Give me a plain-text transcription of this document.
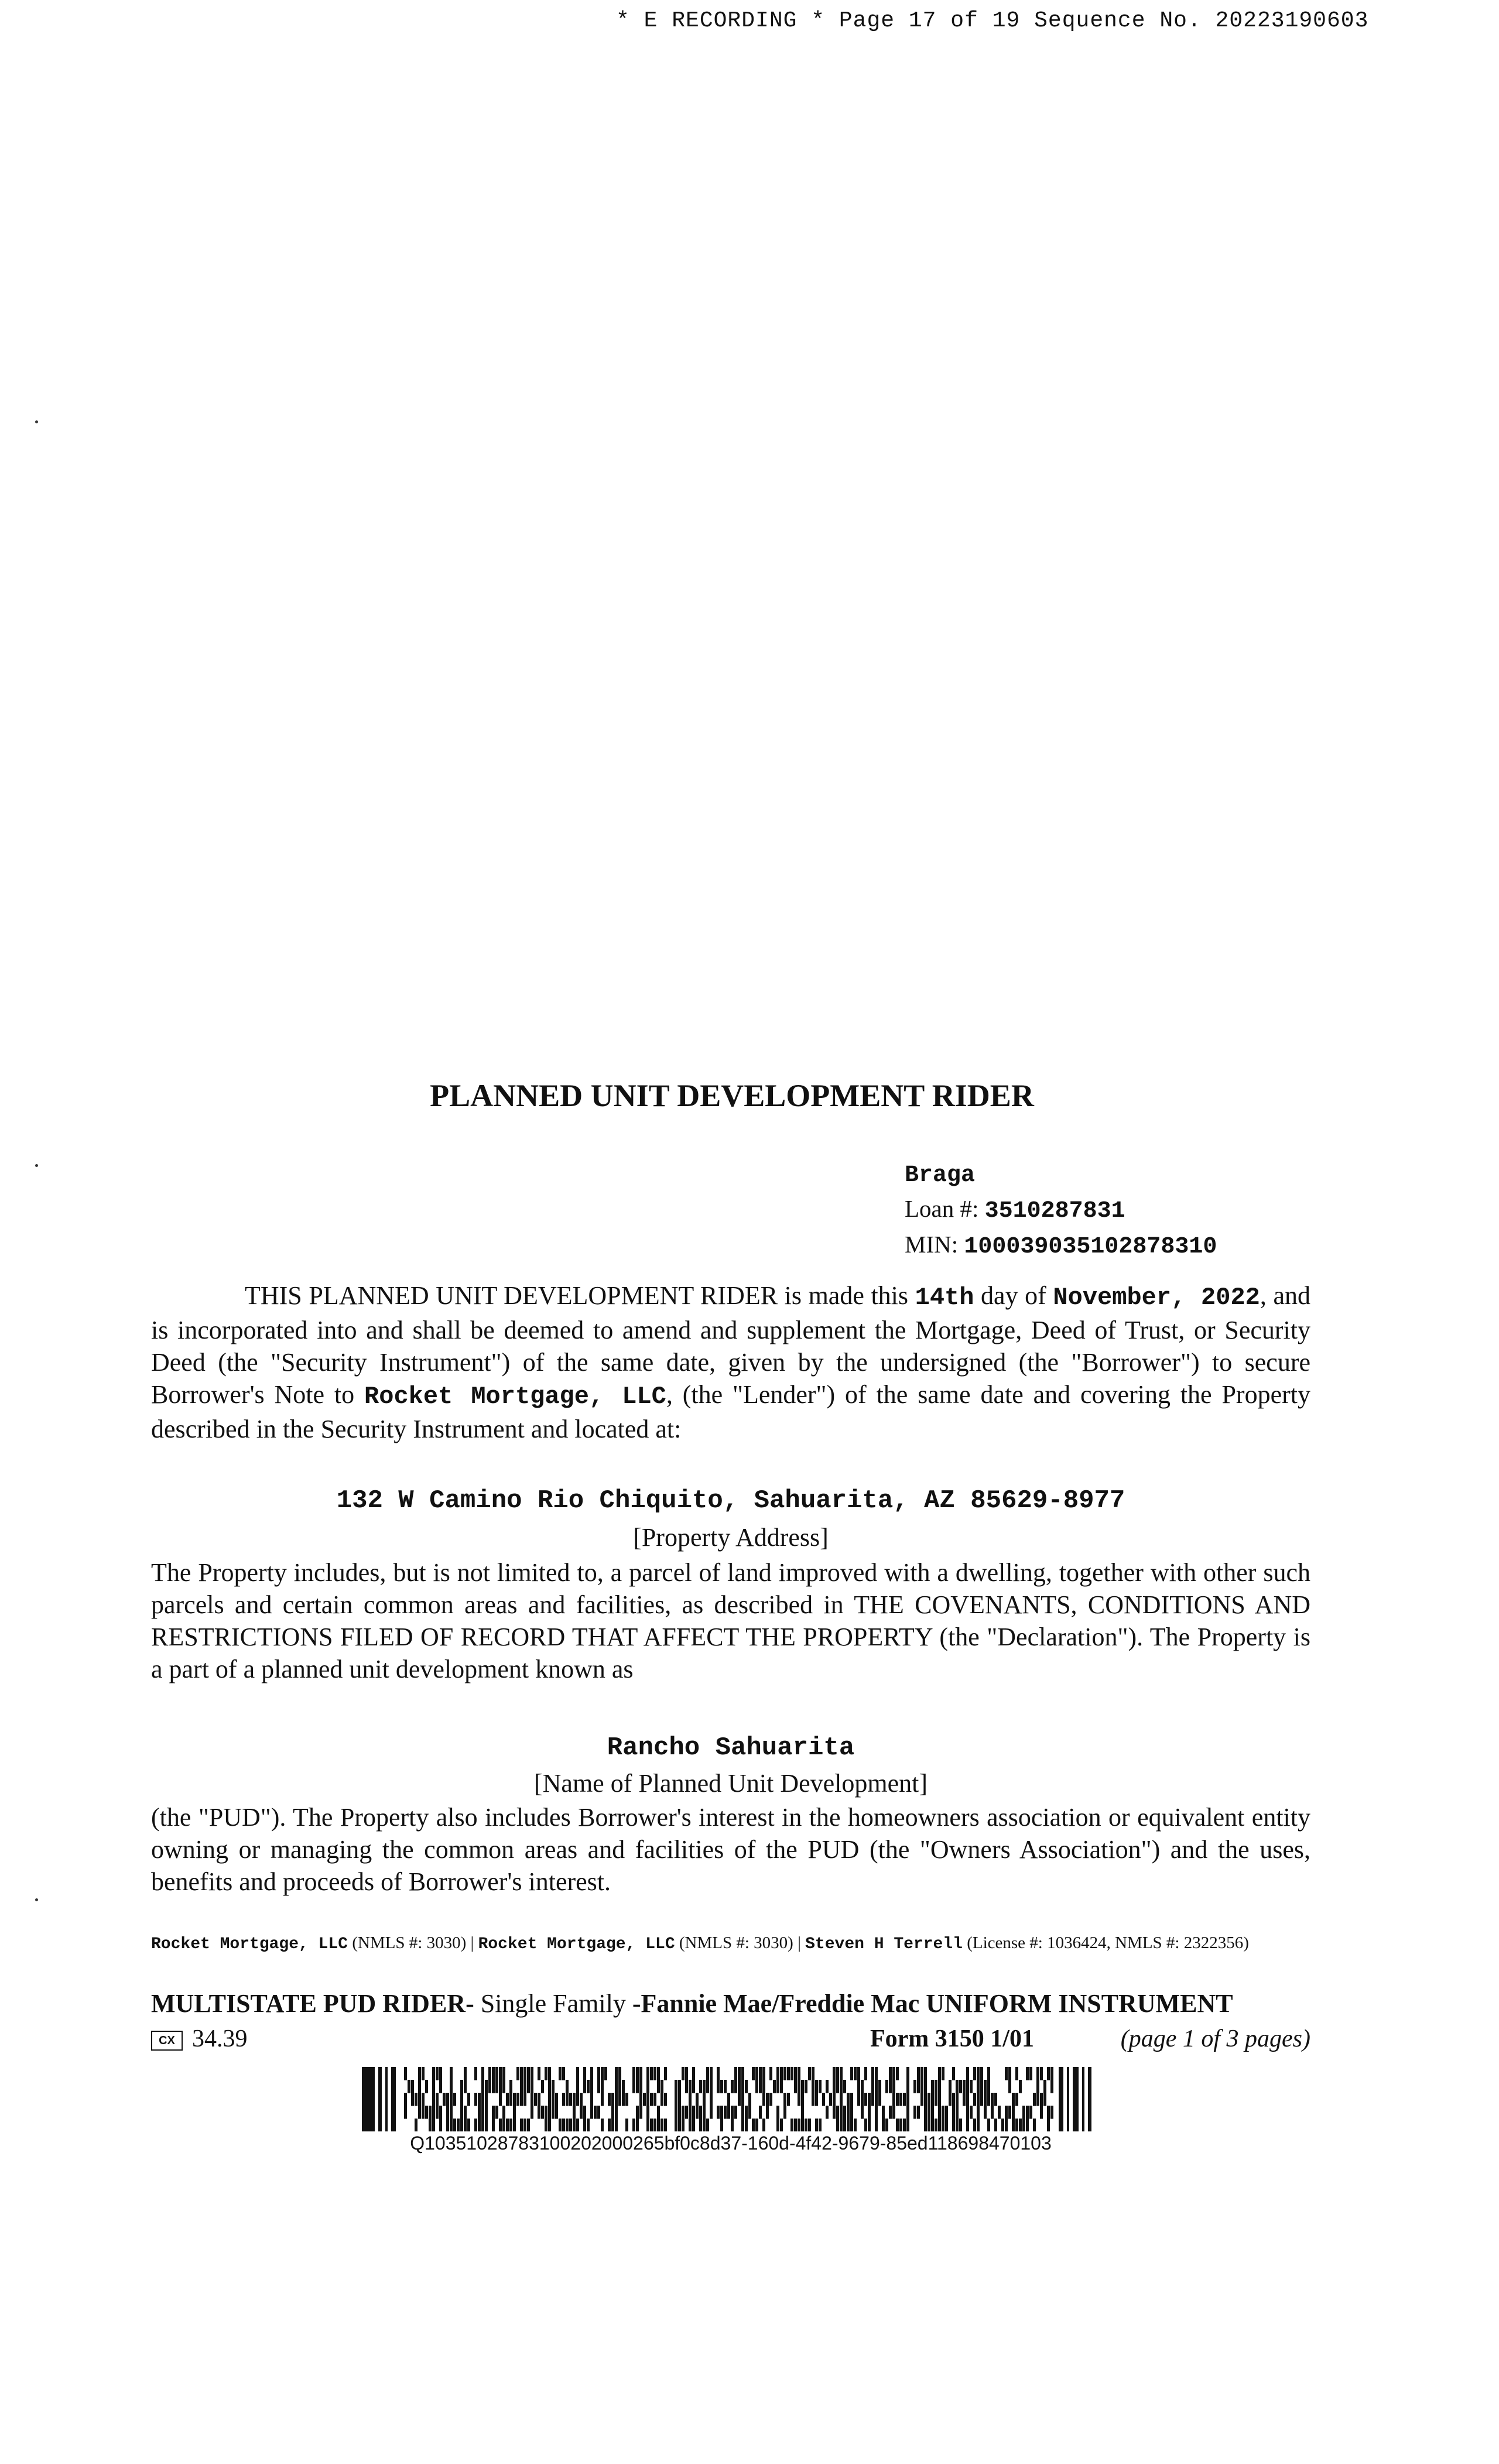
* E RECORDING * Page 17 of 19 Sequence No. 20223190603
PLANNED UNIT DEVELOPMENT RIDER
Braga
Loan #: 3510287831
MIN: 100039035102878310
THIS PLANNED UNIT DEVELOPMENT RIDER is made this 14th day of November, 2022, and is incorporated into and shall be deemed to amend and supplement the Mortgage, Deed of Trust, or Security Deed (the "Security Instrument") of the same date, given by the undersigned (the "Borrower") to secure Borrower's Note to Rocket Mortgage, LLC, (the "Lender") of the same date and covering the Property described in the Security Instrument and located at:
132 W Camino Rio Chiquito, Sahuarita, AZ 85629-8977
[Property Address]
The Property includes, but is not limited to, a parcel of land improved with a dwelling, together with other such parcels and certain common areas and facilities, as described in THE COVENANTS, CONDITIONS AND RESTRICTIONS FILED OF RECORD THAT AFFECT THE PROPERTY (the "Declaration"). The Property is a part of a planned unit development known as
Rancho Sahuarita
[Name of Planned Unit Development]
(the "PUD"). The Property also includes Borrower's interest in the homeowners association or equivalent entity owning or managing the common areas and facilities of the PUD (the "Owners Association") and the uses, benefits and proceeds of Borrower's interest.
Rocket Mortgage, LLC (NMLS #: 3030) | Rocket Mortgage, LLC (NMLS #: 3030) | Steven H Terrell (License #: 1036424, NMLS #: 2322356)
MULTISTATE PUD RIDER- Single Family -Fannie Mae/Freddie Mac UNIFORM INSTRUMENT
CX 34.39	Form 3150 1/01	(page 1 of 3 pages)
Q10351028783100202000265bf0c8d37-160d-4f42-9679-85ed118698470103
